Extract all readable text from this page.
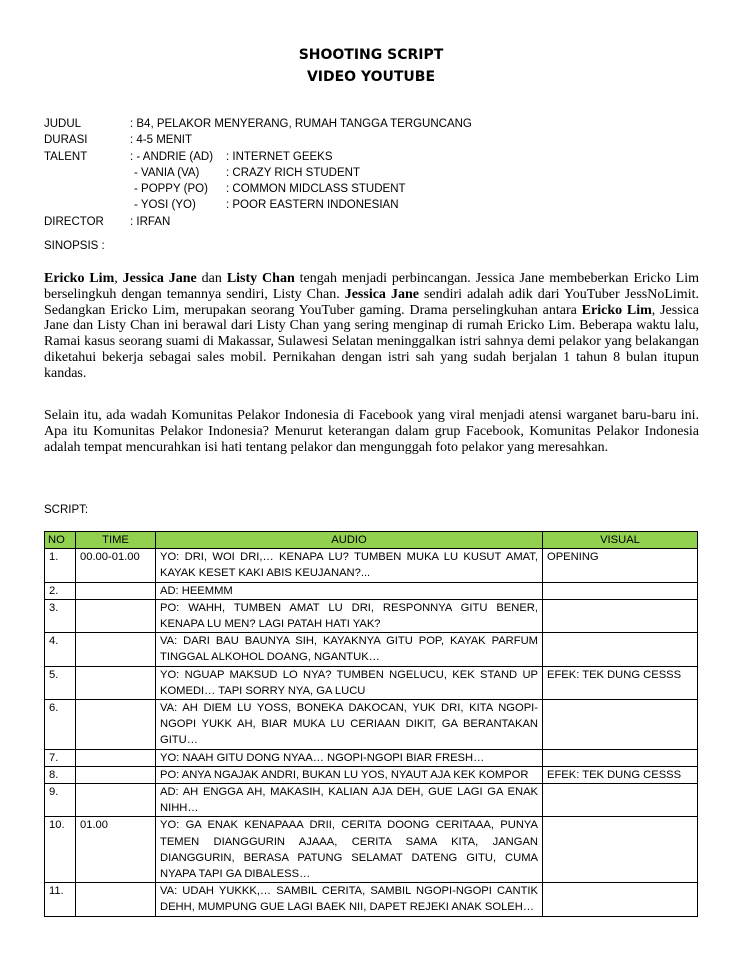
SHOOTING SCRIPT
VIDEO YOUTUBE
JUDUL	: B4, PELAKOR MENYERANG, RUMAH TANGGA TERGUNCANG
DURASI	: 4-5 MENIT
TALENT	: - ANDRIE (AD)	: INTERNET GEEKS
- VANIA (VA)	: CRAZY RICH STUDENT
- POPPY (PO)	: COMMON MIDCLASS STUDENT
- YOSI (YO)	: POOR EASTERN INDONESIAN
DIRECTOR	: IRFAN
SINOPSIS :

Ericko Lim, Jessica Jane dan Listy Chan tengah menjadi perbincangan. Jessica Jane membeberkan Ericko Lim berselingkuh dengan temannya sendiri, Listy Chan. Jessica Jane sendiri adalah adik dari YouTuber JessNoLimit. Sedangkan Ericko Lim, merupakan seorang YouTuber gaming. Drama perselingkuhan antara Ericko Lim, Jessica Jane dan Listy Chan ini berawal dari Listy Chan yang sering menginap di rumah Ericko Lim. Beberapa waktu lalu, Ramai kasus seorang suami di Makassar, Sulawesi Selatan meninggalkan istri sahnya demi pelakor yang belakangan diketahui bekerja sebagai sales mobil. Pernikahan dengan istri sah yang sudah berjalan 1 tahun 8 bulan itupun kandas.

Selain itu, ada wadah Komunitas Pelakor Indonesia di Facebook yang viral menjadi atensi warganet baru-baru ini. Apa itu Komunitas Pelakor Indonesia? Menurut keterangan dalam grup Facebook, Komunitas Pelakor Indonesia adalah tempat mencurahkan isi hati tentang pelakor dan mengunggah foto pelakor yang meresahkan.

SCRIPT:
NO	TIME	AUDIO	VISUAL
1.	00.00-01.00	YO: DRI, WOI DRI,… KENAPA LU? TUMBEN MUKA LU KUSUT AMAT, KAYAK KESET KAKI ABIS KEUJANAN?...	OPENING
2.		AD: HEEMMM	
3.		PO: WAHH, TUMBEN AMAT LU DRI, RESPONNYA GITU BENER, KENAPA LU MEN? LAGI PATAH HATI YAK?	
4.		VA: DARI BAU BAUNYA SIH, KAYAKNYA GITU POP, KAYAK PARFUM TINGGAL ALKOHOL DOANG, NGANTUK…	
5.		YO: NGUAP MAKSUD LO NYA? TUMBEN NGELUCU, KEK STAND UP KOMEDI… TAPI SORRY NYA, GA LUCU	EFEK: TEK DUNG CESSS
6.		VA: AH DIEM LU YOSS, BONEKA DAKOCAN, YUK DRI, KITA NGOPI-NGOPI YUKK AH, BIAR MUKA LU CERIAAN DIKIT, GA BERANTAKAN GITU…	
7.		YO: NAAH GITU DONG NYAA… NGOPI-NGOPI BIAR FRESH…	
8.		PO: ANYA NGAJAK ANDRI, BUKAN LU YOS, NYAUT AJA KEK KOMPOR	EFEK: TEK DUNG CESSS
9.		AD: AH ENGGA AH, MAKASIH, KALIAN AJA DEH, GUE LAGI GA ENAK NIHH…	
10.	01.00	YO: GA ENAK KENAPAAA DRII, CERITA DOONG CERITAAA, PUNYA TEMEN DIANGGURIN AJAAA, CERITA SAMA KITA, JANGAN DIANGGURIN, BERASA PATUNG SELAMAT DATENG GITU, CUMA NYAPA TAPI GA DIBALESS…	
11.		VA: UDAH YUKKK,… SAMBIL CERITA, SAMBIL NGOPI-NGOPI CANTIK DEHH, MUMPUNG GUE LAGI BAEK NII, DAPET REJEKI ANAK SOLEH…	
